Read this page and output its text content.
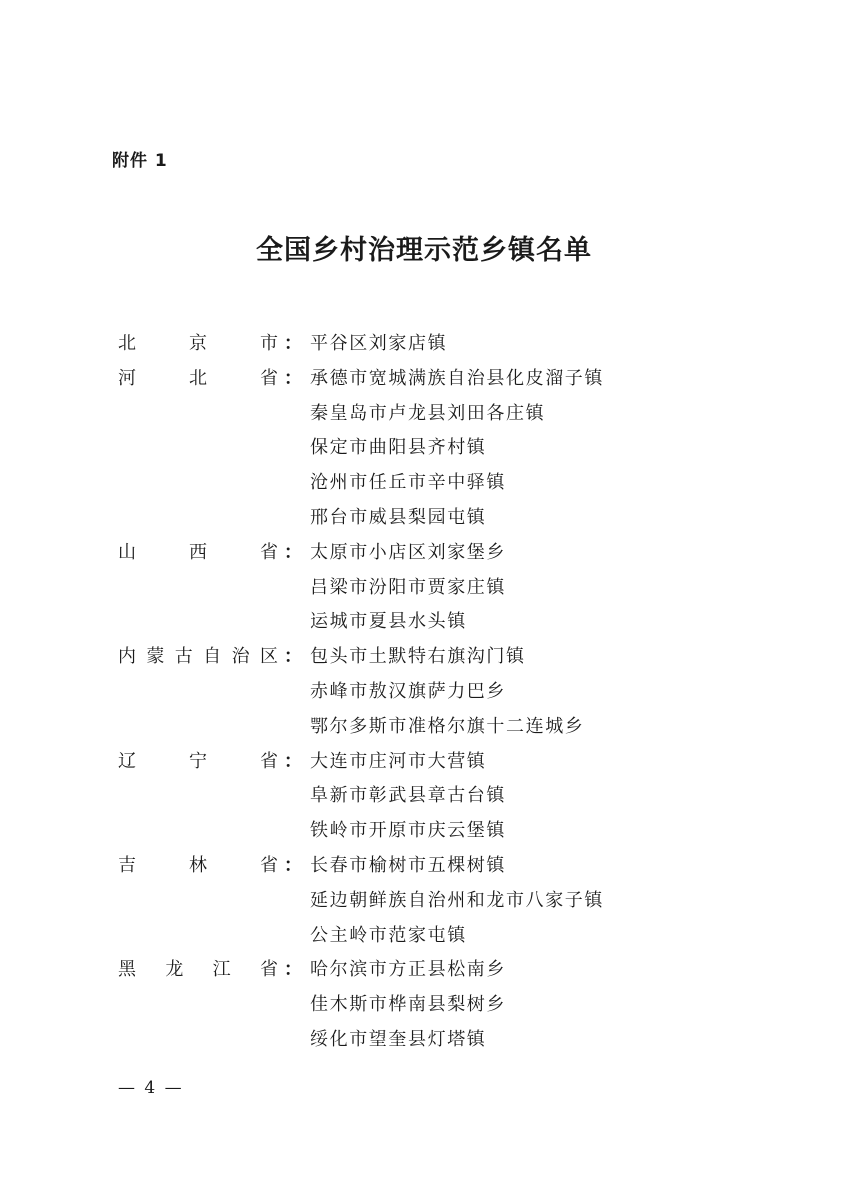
附件 1
全国乡村治理示范乡镇名单
北	京	市 ： 平谷区刘家店镇
河	北	省 ： 承德市宽城满族自治县化皮溜子镇
秦皇岛市卢龙县刘田各庄镇
保定市曲阳县齐村镇
沧州市任丘市辛中驿镇
邢台市威县梨园屯镇
山	西	省 ： 太原市小店区刘家堡乡
吕梁市汾阳市贾家庄镇
运城市夏县水头镇
内 蒙 古 自 治 区 ： 包头市土默特右旗沟门镇
赤峰市敖汉旗萨力巴乡
鄂尔多斯市准格尔旗十二连城乡
辽	宁	省 ： 大连市庄河市大营镇
阜新市彰武县章古台镇
铁岭市开原市庆云堡镇
吉	林	省 ： 长春市榆树市五棵树镇
延边朝鲜族自治州和龙市八家子镇
公主岭市范家屯镇
黑 龙 江 省 ： 哈尔滨市方正县松南乡
佳木斯市桦南县梨树乡
绥化市望奎县灯塔镇
— 4 —
